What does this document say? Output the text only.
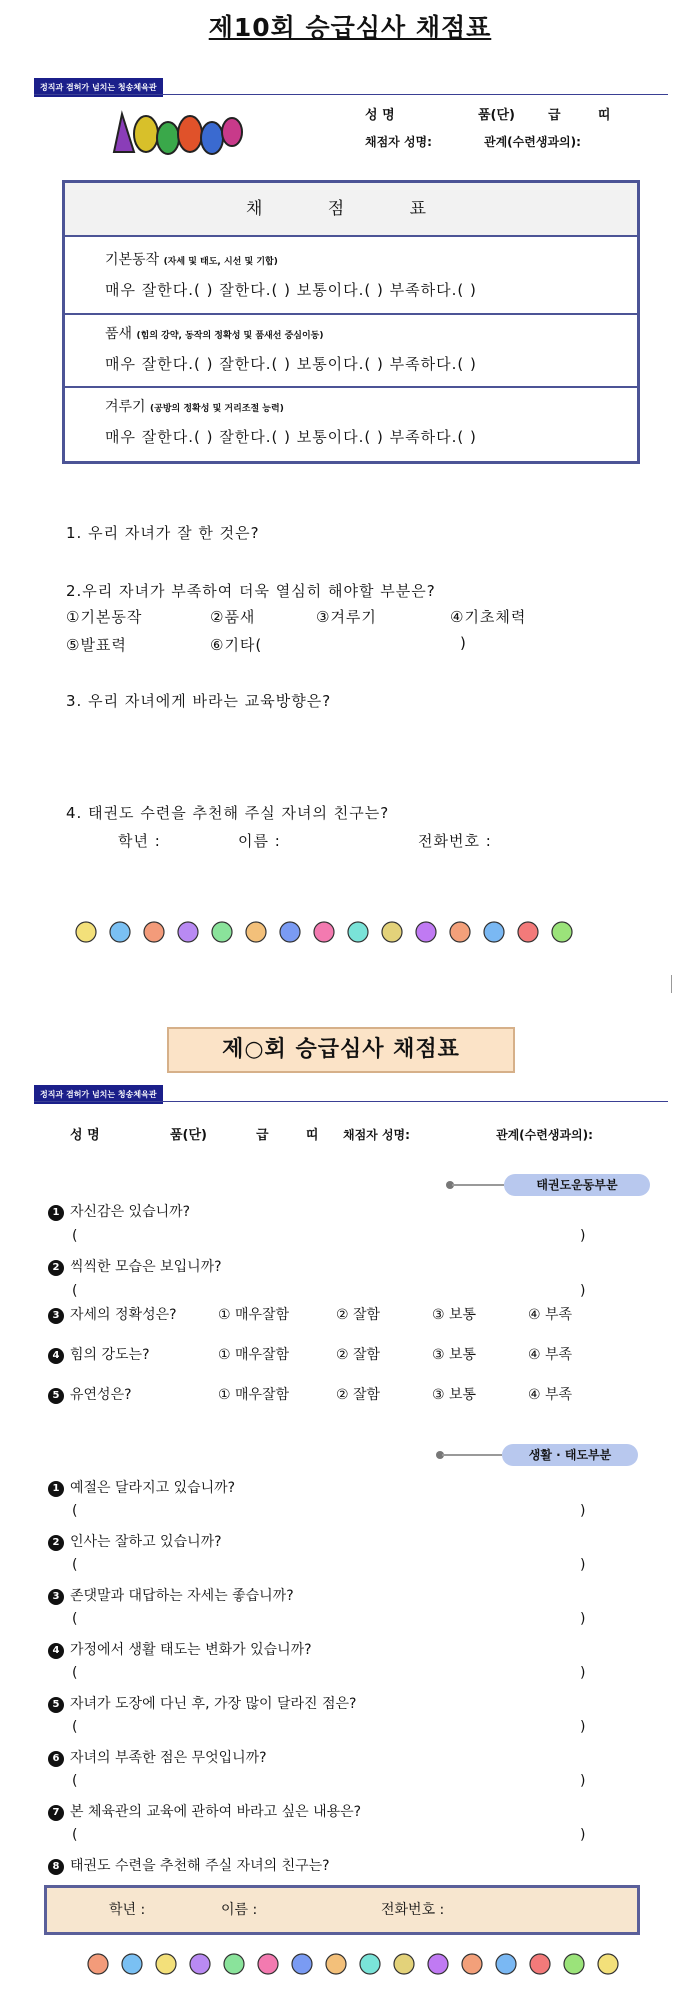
제10회 승급심사 채점표
정직과 겸허가 넘치는 청송체육관
성 명	품(단)	급	띠
채점자 성명:	관계(수련생과의):
채 점 표
기본동작 (자세 및 태도, 시선 및 기합)
매우 잘한다.( ) 잘한다.( ) 보통이다.( ) 부족하다.( )
품새 (힘의 강약, 동작의 정확성 및 품새선 중심이동)
매우 잘한다.( ) 잘한다.( ) 보통이다.( ) 부족하다.( )
겨루기 (공방의 정확성 및 거리조절 능력)
매우 잘한다.( ) 잘한다.( ) 보통이다.( ) 부족하다.( )
1. 우리 자녀가 잘 한 것은?
2.우리 자녀가 부족하여 더욱 열심히 해야할 부분은?
①기본동작	②품새	③겨루기	④기초체력
⑤발표력	⑥기타(	)
3. 우리 자녀에게 바라는 교육방향은?
4. 태권도 수련을 추천해 주실 자녀의 친구는?
학년 :	이름 :	전화번호 :
제○회 승급심사 채점표
정직과 겸허가 넘치는 청송체육관
성 명	품(단)	급	띠 채점자 성명:	관계(수련생과의):
태권도운동부분
1 자신감은 있습니까?
(	)
2 씩씩한 모습은 보입니까?
(	)
3 자세의 정확성은?	① 매우잘함	② 잘함	③ 보통	④ 부족
4 힘의 강도는?	① 매우잘함	② 잘함	③ 보통	④ 부족
5 유연성은?	① 매우잘함	② 잘함	③ 보통	④ 부족
생활 · 태도부분
1 예절은 달라지고 있습니까?
(	)
2 인사는 잘하고 있습니까?
(	)
3 존댓말과 대답하는 자세는 좋습니까?
(	)
4 가정에서 생활 태도는 변화가 있습니까?
(	)
5 자녀가 도장에 다닌 후, 가장 많이 달라진 점은?
(	)
6 자녀의 부족한 점은 무엇입니까?
(	)
7 본 체육관의 교육에 관하여 바라고 싶은 내용은?
(	)
8 태권도 수련을 추천해 주실 자녀의 친구는?
학년 :	이름 :	전화번호 :
